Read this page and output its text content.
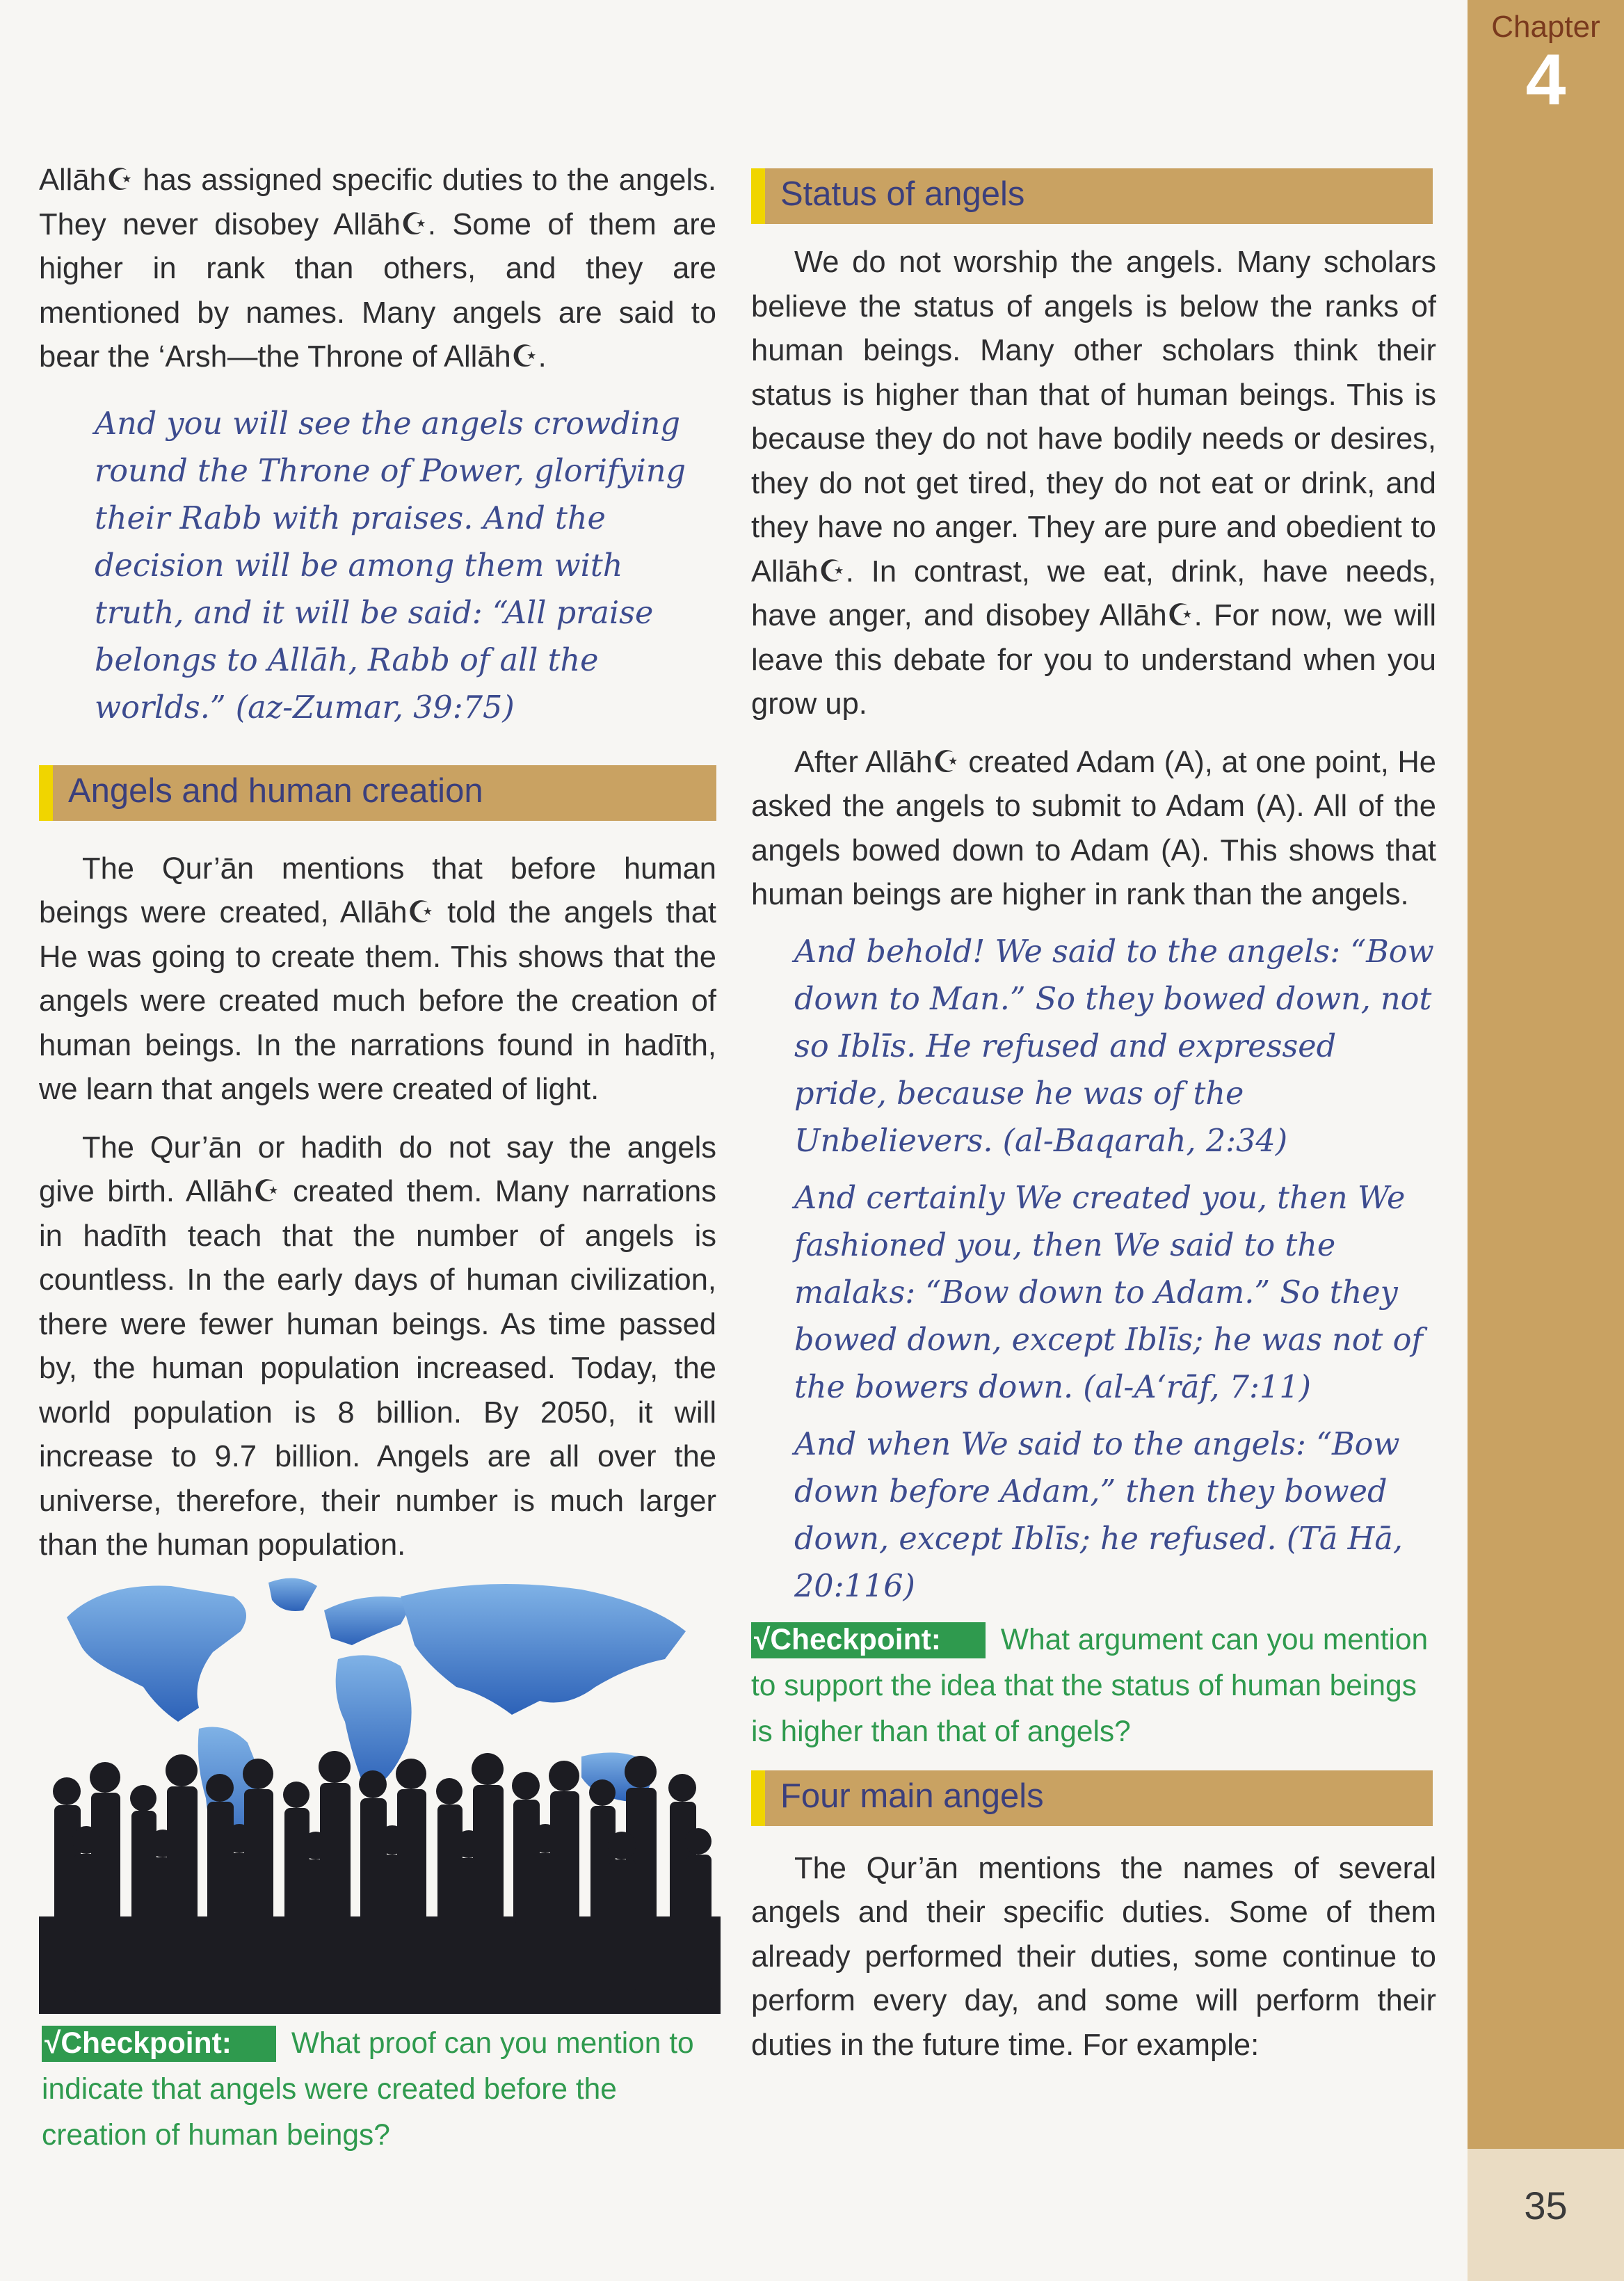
Chapter
4
35

Allāh☪ has assigned specific duties to the angels. They never disobey Allāh☪. Some of them are higher in rank than others, and they are mentioned by names. Many angels are said to bear the ‘Arsh—the Throne of Allāh☪.

And you will see the angels crowding round the Throne of Power, glorifying their Rabb with praises. And the decision will be among them with truth, and it will be said: “All praise belongs to Allāh, Rabb of all the worlds.” (az-Zumar, 39:75)

Angels and human creation

The Qur’ān mentions that before human beings were created, Allāh☪ told the angels that He was going to create them. This shows that the angels were created much before the creation of human beings. In the narrations found in hadīth, we learn that angels were created of light.

The Qur’ān or hadith do not say the angels give birth. Allāh☪ created them. Many narrations in hadīth teach that the number of angels is countless. In the early days of human civilization, there were fewer human beings. As time passed by, the human population increased. Today, the world population is 8 billion. By 2050, it will increase to 9.7 billion. Angels are all over the universe, therefore, their number is much larger than the human population.

√Checkpoint: What proof can you mention to indicate that angels were created before the creation of human beings?

Status of angels

We do not worship the angels. Many scholars believe the status of angels is below the ranks of human beings. Many other scholars think their status is higher than that of human beings. This is because they do not have bodily needs or desires, they do not get tired, they do not eat or drink, and they have no anger. They are pure and obedient to Allāh☪. In contrast, we eat, drink, have needs, have anger, and disobey Allāh☪. For now, we will leave this debate for you to understand when you grow up.

After Allāh☪ created Adam (A), at one point, He asked the angels to submit to Adam (A). All of the angels bowed down to Adam (A). This shows that human beings are higher in rank than the angels.

And behold! We said to the angels: “Bow down to Man.” So they bowed down, not so Iblīs. He refused and expressed pride, because he was of the Unbelievers. (al-Baqarah, 2:34)

And certainly We created you, then We fashioned you, then We said to the malaks: “Bow down to Adam.” So they bowed down, except Iblīs; he was not of the bowers down. (al-A‘rāf, 7:11)

And when We said to the angels: “Bow down before Adam,” then they bowed down, except Iblīs; he refused. (Tā Hā, 20:116)

√Checkpoint: What argument can you mention to support the idea that the status of human beings is higher than that of angels?

Four main angels

The Qur’ān mentions the names of several angels and their specific duties. Some of them already performed their duties, some continue to perform every day, and some will perform their duties in the future time. For example:
